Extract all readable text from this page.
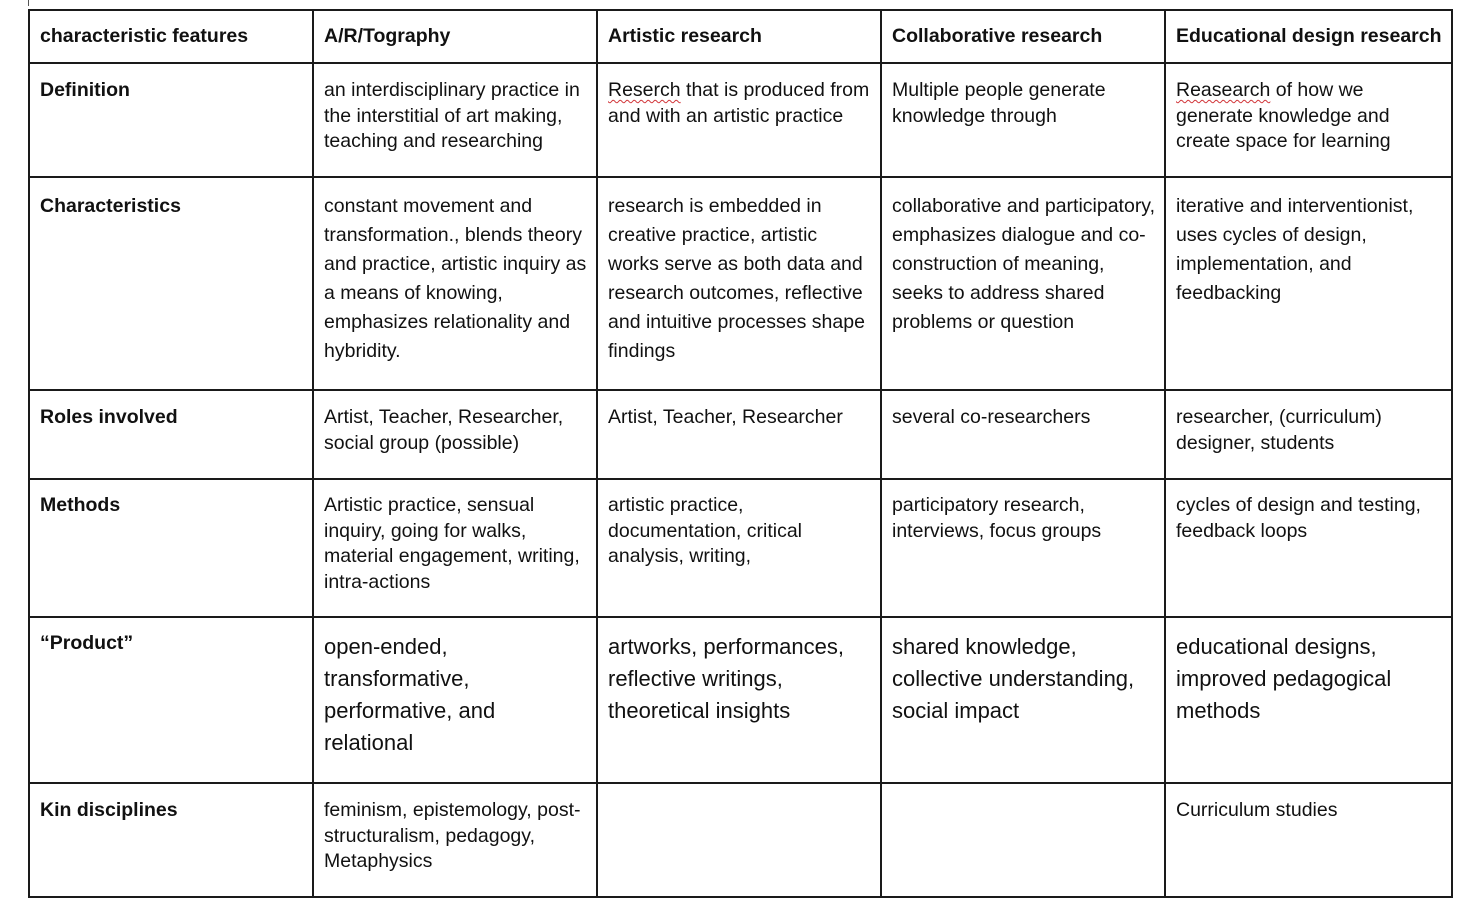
characteristic features	A/R/Tography	Artistic research	Collaborative research	Educational design research
Definition	an interdisciplinary practice in the interstitial of art making, teaching and researching	Reserch that is produced from and with an artistic practice	Multiple people generate knowledge through	Reasearch of how we generate knowledge and create space for learning
Characteristics	constant movement and transformation., blends theory and practice, artistic inquiry as a means of knowing, emphasizes relationality and hybridity.	research is embedded in creative practice, artistic works serve as both data and research outcomes, reflective and intuitive processes shape findings	collaborative and participatory, emphasizes dialogue and co-construction of meaning, seeks to address shared problems or question	iterative and interventionist, uses cycles of design, implementation, and feedbacking
Roles involved	Artist, Teacher, Researcher, social group (possible)	Artist, Teacher, Researcher	several co-researchers	researcher, (curriculum) designer, students
Methods	Artistic practice, sensual inquiry, going for walks, material engagement, writing, intra-actions	artistic practice, documentation, critical analysis, writing,	participatory research, interviews, focus groups	cycles of design and testing, feedback loops
“Product”	open-ended, transformative, performative, and relational	artworks, performances, reflective writings, theoretical insights	shared knowledge, collective understanding, social impact	educational designs, improved pedagogical methods
Kin disciplines	feminism, epistemology, post-structuralism, pedagogy, Metaphysics			Curriculum studies
